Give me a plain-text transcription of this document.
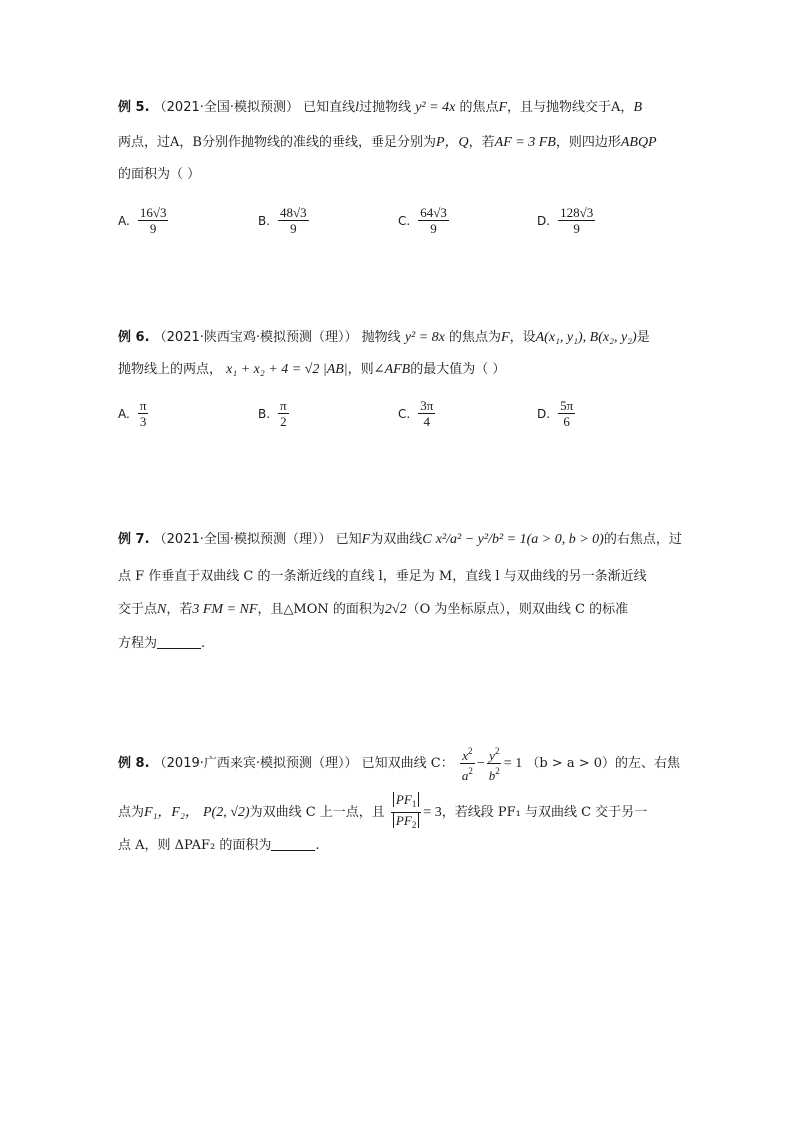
例 5. （2021·全国·模拟预测） 已知直线l过抛物线 y² = 4x 的焦点F，且与抛物线交于A，B
两点，过A，B分别作抛物线的准线的垂线，垂足分别为P，Q，若AF = 3 FB，则四边形ABQP
的面积为（ ）
A. $\frac{16√3}{9}$	B. $\frac{48√3}{9}$	C. $\frac{64√3}{9}$	D. $\frac{128√3}{9}$
例 6. （2021·陕西宝鸡·模拟预测（理）） 抛物线 y² = 8x 的焦点为F，设A(x₁, y₁), B(x₂, y₂)是
抛物线上的两点， x₁ + x₂ + 4 = √2 |AB|，则∠AFB的最大值为（ ）
A. $\frac{\pi}{3}$	B. $\frac{\pi}{2}$	C. $\frac{3\pi}{4}$	D. $\frac{5\pi}{6}$
例 7. （2021·全国·模拟预测（理）） 已知F为双曲线C x²/a² − y²/b² = 1(a > 0, b > 0)的右焦点，过
点 F 作垂直于双曲线 C 的一条渐近线的直线 l，垂足为 M，直线 l 与双曲线的另一条渐近线
交于点N，若3 FM = NF，且△MON 的面积为2√2（O 为坐标原点），则双曲线 C 的标准
方程为	.
例 8. （2019·广西来宾·模拟预测（理）） 已知双曲线 C： $\frac{x^2}{a^2} - \frac{y^2}{b^2} = 1$ （b > a > 0）的左、右焦
点为F₁，F₂， P(2, √2)为双曲线 C 上一点，且 $\frac{PF_1}{PF_2} = 3$，若线段 PF₁ 与双曲线 C 交于另一
点 A，则 ΔPAF₂ 的面积为	.
